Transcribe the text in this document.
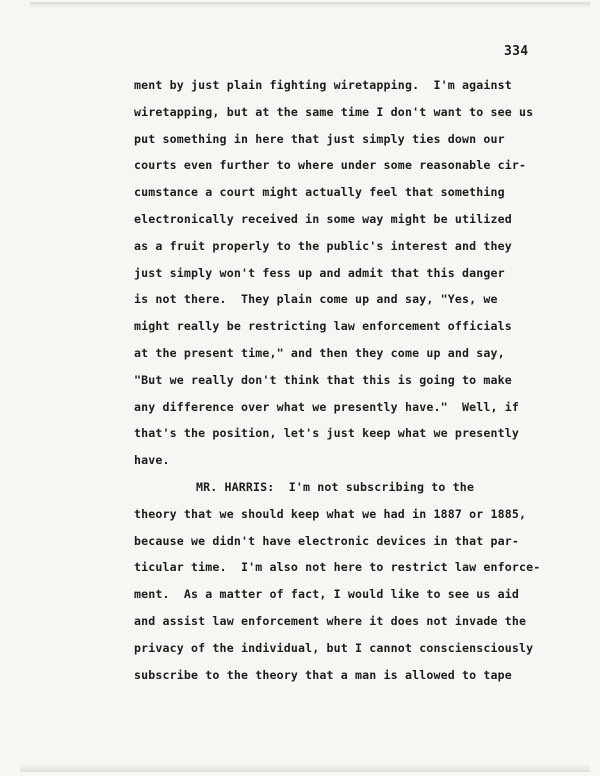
334
ment by just plain fighting wiretapping.  I'm against
wiretapping, but at the same time I don't want to see us
put something in here that just simply ties down our
courts even further to where under some reasonable cir-
cumstance a court might actually feel that something
electronically received in some way might be utilized
as a fruit properly to the public's interest and they
just simply won't fess up and admit that this danger
is not there.  They plain come up and say, "Yes, we
might really be restricting law enforcement officials
at the present time," and then they come up and say,
"But we really don't think that this is going to make
any difference over what we presently have."  Well, if
that's the position, let's just keep what we presently
have.
MR. HARRIS:  I'm not subscribing to the
theory that we should keep what we had in 1887 or 1885,
because we didn't have electronic devices in that par-
ticular time.  I'm also not here to restrict law enforce-
ment.  As a matter of fact, I would like to see us aid
and assist law enforcement where it does not invade the
privacy of the individual, but I cannot consciensciously
subscribe to the theory that a man is allowed to tape
